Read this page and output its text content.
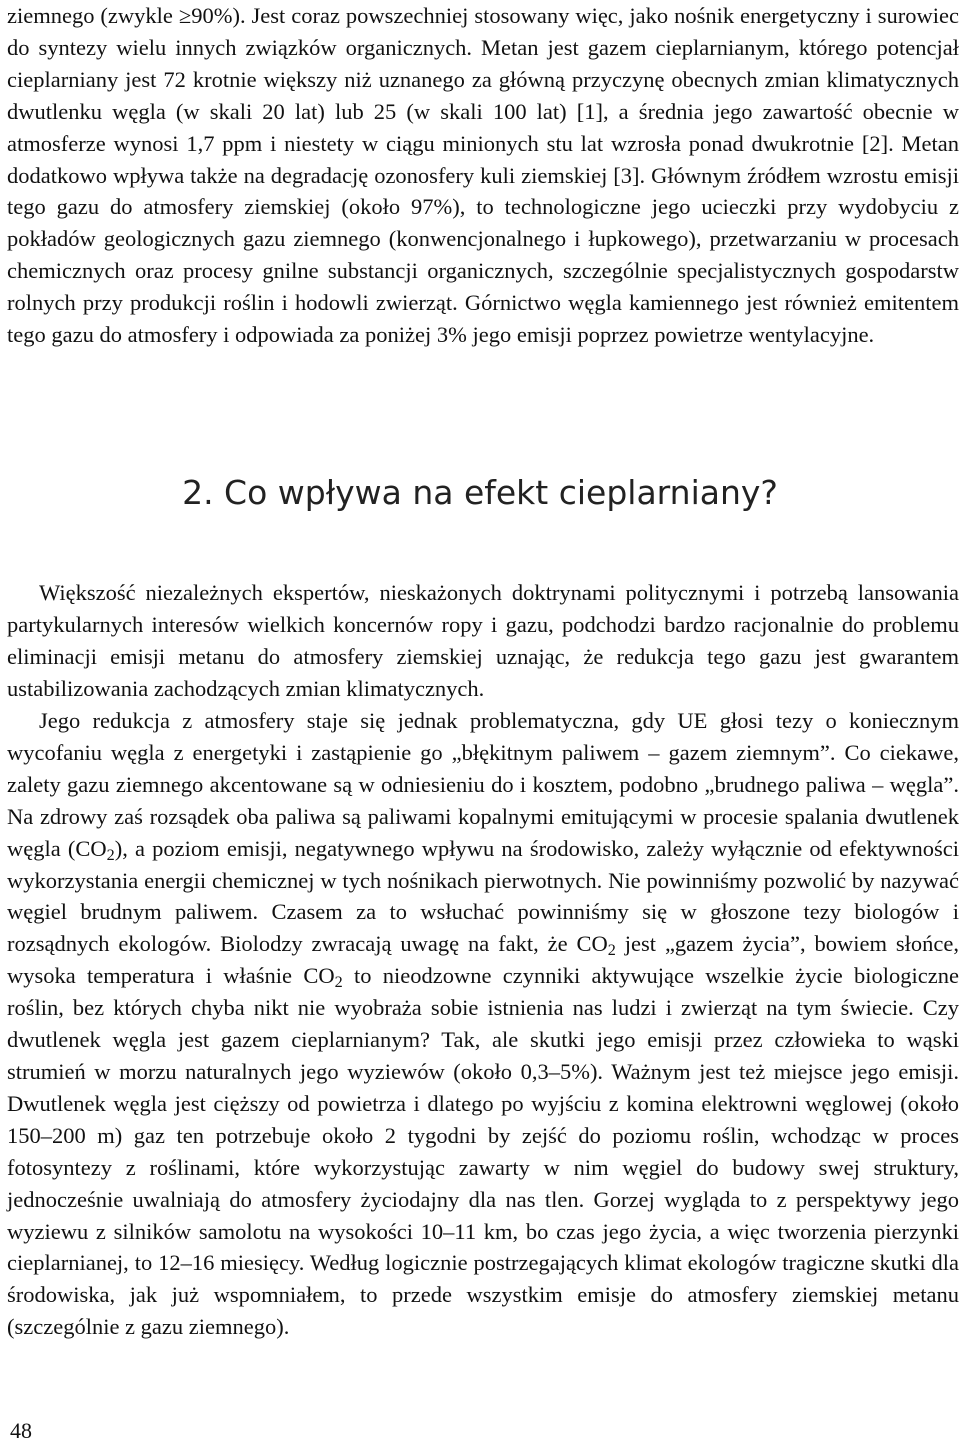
ziemnego (zwykle ≥90%). Jest coraz powszechniej stosowany więc, jako nośnik energetyczny i surowiec do syntezy wielu innych związków organicznych. Metan jest gazem cieplarnianym, którego potencjał cieplarniany jest 72 krotnie większy niż uznanego za główną przyczynę obecnych zmian klimatycznych dwutlenku węgla (w skali 20 lat) lub 25 (w skali 100 lat) [1], a średnia jego zawartość obecnie w atmosferze wynosi 1,7 ppm i niestety w ciągu minionych stu lat wzrosła ponad dwukrotnie [2]. Metan dodatkowo wpływa także na degradację ozonosfery kuli ziemskiej [3]. Głównym źródłem wzrostu emisji tego gazu do atmosfery ziemskiej (około 97%), to technologiczne jego ucieczki przy wydobyciu z pokładów geologicznych gazu ziemnego (konwencjonalnego i łupkowego), przetwarzaniu w procesach chemicznych oraz procesy gnilne substancji organicznych, szczególnie specjalistycznych gospodarstw rolnych przy produkcji roślin i hodowli zwierząt. Górnictwo węgla kamiennego jest również emitentem tego gazu do atmosfery i odpowiada za poniżej 3% jego emisji poprzez powietrze wentylacyjne.

2. Co wpływa na efekt cieplarniany?

Większość niezależnych ekspertów, nieskażonych doktrynami politycznymi i potrzebą lansowania partykularnych interesów wielkich koncernów ropy i gazu, podchodzi bardzo racjonalnie do problemu eliminacji emisji metanu do atmosfery ziemskiej uznając, że redukcja tego gazu jest gwarantem ustabilizowania zachodzących zmian klimatycznych.

Jego redukcja z atmosfery staje się jednak problematyczna, gdy UE głosi tezy o koniecznym wycofaniu węgla z energetyki i zastąpienie go „błękitnym paliwem – gazem ziemnym”. Co ciekawe, zalety gazu ziemnego akcentowane są w odniesieniu do i kosztem, podobno „brudnego paliwa – węgla”. Na zdrowy zaś rozsądek oba paliwa są paliwami kopalnymi emitującymi w procesie spalania dwutlenek węgla $(CO_2)$, a poziom emisji, negatywnego wpływu na środowisko, zależy wyłącznie od efektywności wykorzystania energii chemicznej w tych nośnikach pierwotnych. Nie powinniśmy pozwolić by nazywać węgiel brudnym paliwem. Czasem za to wsłuchać powinniśmy się w głoszone tezy biologów i rozsądnych ekologów. Biolodzy zwracają uwagę na fakt, że $CO_2$ jest „gazem życia”, bowiem słońce, wysoka temperatura i właśnie $CO_2$ to nieodzowne czynniki aktywujące wszelkie życie biologiczne roślin, bez których chyba nikt nie wyobraża sobie istnienia nas ludzi i zwierząt na tym świecie. Czy dwutlenek węgla jest gazem cieplarnianym? Tak, ale skutki jego emisji przez człowieka to wąski strumień w morzu naturalnych jego wyziewów (około 0,3–5%). Ważnym jest też miejsce jego emisji. Dwutlenek węgla jest cięższy od powietrza i dlatego po wyjściu z komina elektrowni węglowej (około 150–200 m) gaz ten potrzebuje około 2 tygodni by zejść do poziomu roślin, wchodząc w proces fotosyntezy z roślinami, które wykorzystując zawarty w nim węgiel do budowy swej struktury, jednocześnie uwalniają do atmosfery życiodajny dla nas tlen. Gorzej wygląda to z perspektywy jego wyziewu z silników samolotu na wysokości 10–11 km, bo czas jego życia, a więc tworzenia pierzynki cieplarnianej, to 12–16 miesięcy. Według logicznie postrzegających klimat ekologów tragiczne skutki dla środowiska, jak już wspomniałem, to przede wszystkim emisje do atmosfery ziemskiej metanu (szczególnie z gazu ziemnego).

48
